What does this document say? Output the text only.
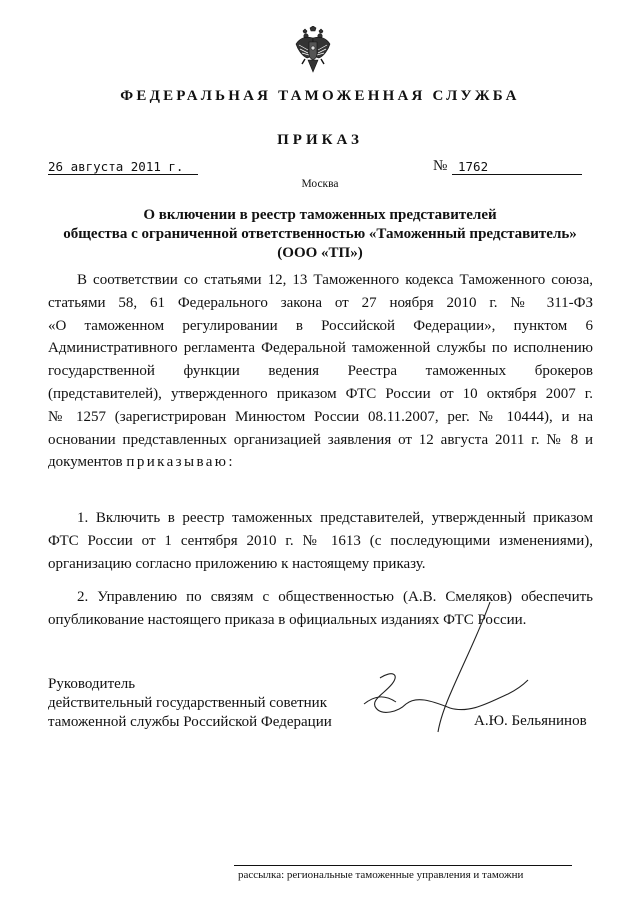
ФЕДЕРАЛЬНАЯ ТАМОЖЕННАЯ СЛУЖБА
ПРИКАЗ
26 августа 2011 г.	№ 1762
Москва
О включении в реестр таможенных представителей
общества с ограниченной ответственностью «Таможенный представитель»
(ООО «ТП»)
В соответствии со статьями 12, 13 Таможенного кодекса Таможенного союза,
статьями 58, 61 Федерального закона от 27 ноября 2010 г. № 311-ФЗ
«О таможенном регулировании в Российской Федерации», пунктом 6
Административного регламента Федеральной таможенной службы по исполнению
государственной функции ведения Реестра таможенных брокеров
(представителей), утвержденного приказом ФТС России от 10 октября 2007 г.
№ 1257 (зарегистрирован Минюстом России 08.11.2007, рег. № 10444), и на
основании представленных организацией заявления от 12 августа 2011 г. № 8 и
документов приказываю:
1. Включить в реестр таможенных представителей, утвержденный приказом
ФТС России от 1 сентября 2010 г. № 1613 (с последующими изменениями),
организацию согласно приложению к настоящему приказу.
2. Управлению по связям с общественностью (А.В. Смеляков) обеспечить
опубликование настоящего приказа в официальных изданиях ФТС России.
Руководитель
действительный государственный советник
таможенной службы Российской Федерации	А.Ю. Бельянинов
рассылка: региональные таможенные управления и таможни
